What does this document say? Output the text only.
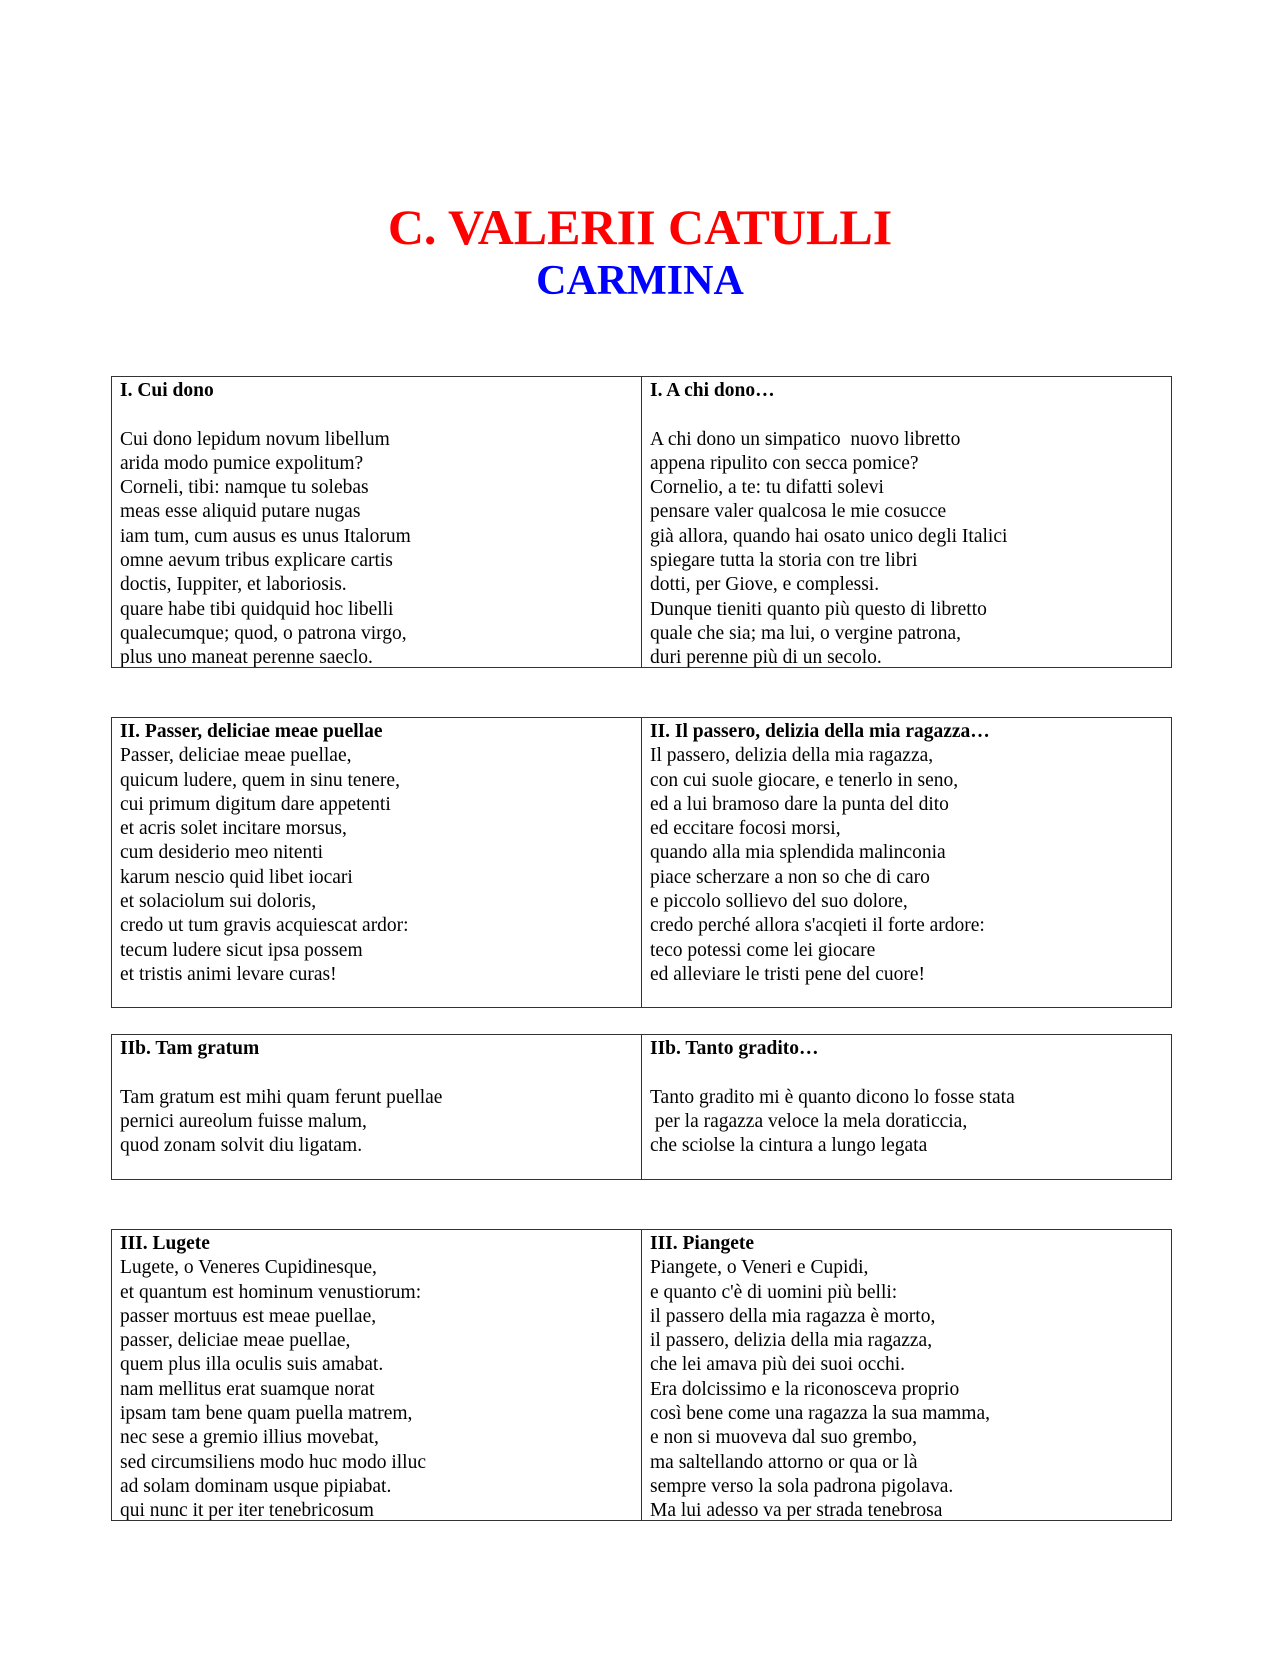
C. VALERII CATULLI
CARMINA
I. Cui dono
Cui dono lepidum novum libellum
arida modo pumice expolitum?
Corneli, tibi: namque tu solebas
meas esse aliquid putare nugas
iam tum, cum ausus es unus Italorum
omne aevum tribus explicare cartis
doctis, Iuppiter, et laboriosis.
quare habe tibi quidquid hoc libelli
qualecumque; quod, o patrona virgo,
plus uno maneat perenne saeclo.
I. A chi dono…
A chi dono un simpatico  nuovo libretto
appena ripulito con secca pomice?
Cornelio, a te: tu difatti solevi
pensare valer qualcosa le mie cosucce
già allora, quando hai osato unico degli Italici
spiegare tutta la storia con tre libri
dotti, per Giove, e complessi.
Dunque tieniti quanto più questo di libretto
quale che sia; ma lui, o vergine patrona,
duri perenne più di un secolo.
II. Passer, deliciae meae puellae
Passer, deliciae meae puellae,
quicum ludere, quem in sinu tenere,
cui primum digitum dare appetenti
et acris solet incitare morsus,
cum desiderio meo nitenti
karum nescio quid libet iocari
et solaciolum sui doloris,
credo ut tum gravis acquiescat ardor:
tecum ludere sicut ipsa possem
et tristis animi levare curas!
II. Il passero, delizia della mia ragazza…
Il passero, delizia della mia ragazza,
con cui suole giocare, e tenerlo in seno,
ed a lui bramoso dare la punta del dito
ed eccitare focosi morsi,
quando alla mia splendida malinconia
piace scherzare a non so che di caro
e piccolo sollievo del suo dolore,
credo perché allora s'acqieti il forte ardore:
teco potessi come lei giocare
ed alleviare le tristi pene del cuore!
IIb. Tam gratum
Tam gratum est mihi quam ferunt puellae
pernici aureolum fuisse malum,
quod zonam solvit diu ligatam.
IIb. Tanto gradito…
Tanto gradito mi è quanto dicono lo fosse stata
per la ragazza veloce la mela doraticcia,
che sciolse la cintura a lungo legata
III. Lugete
Lugete, o Veneres Cupidinesque,
et quantum est hominum venustiorum:
passer mortuus est meae puellae,
passer, deliciae meae puellae,
quem plus illa oculis suis amabat.
nam mellitus erat suamque norat
ipsam tam bene quam puella matrem,
nec sese a gremio illius movebat,
sed circumsiliens modo huc modo illuc
ad solam dominam usque pipiabat.
qui nunc it per iter tenebricosum
III. Piangete
Piangete, o Veneri e Cupidi,
e quanto c'è di uomini più belli:
il passero della mia ragazza è morto,
il passero, delizia della mia ragazza,
che lei amava più dei suoi occhi.
Era dolcissimo e la riconosceva proprio
così bene come una ragazza la sua mamma,
e non si muoveva dal suo grembo,
ma saltellando attorno or qua or là
sempre verso la sola padrona pigolava.
Ma lui adesso va per strada tenebrosa
